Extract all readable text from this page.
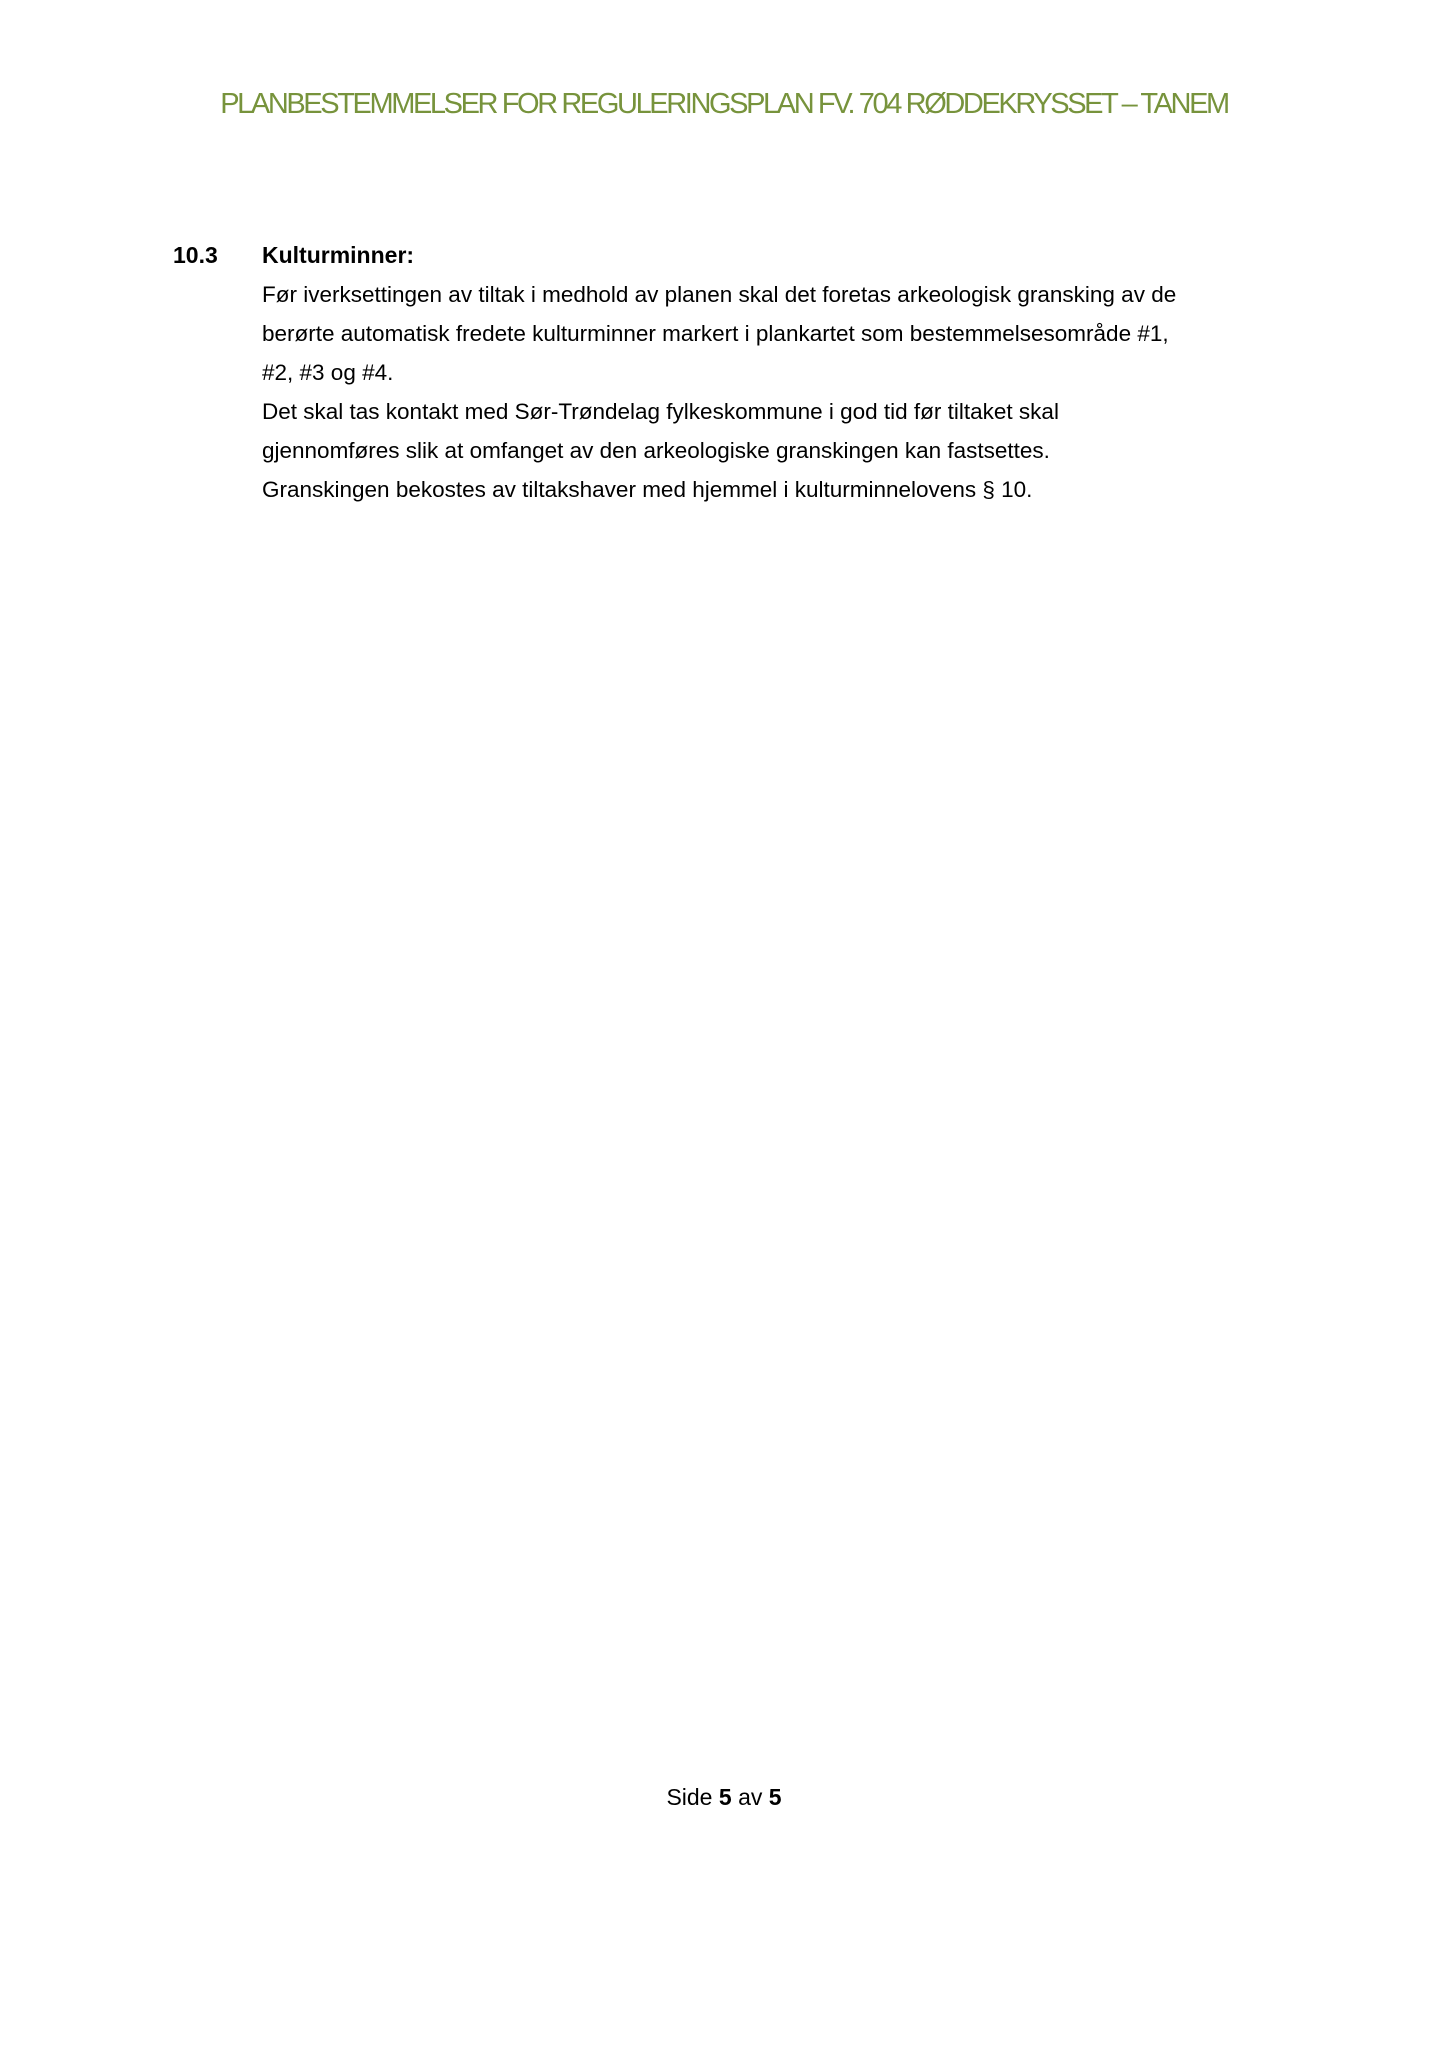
PLANBESTEMMELSER FOR REGULERINGSPLAN FV. 704 RØDDEKRYSSET – TANEM
10.3 Kulturminner:
Før iverksettingen av tiltak i medhold av planen skal det foretas arkeologisk gransking av de
berørte automatisk fredete kulturminner markert i plankartet som bestemmelsesområde #1,
#2, #3 og #4.
Det skal tas kontakt med Sør-Trøndelag fylkeskommune i god tid før tiltaket skal
gjennomføres slik at omfanget av den arkeologiske granskingen kan fastsettes.
Granskingen bekostes av tiltakshaver med hjemmel i kulturminnelovens § 10.
Side 5 av 5
